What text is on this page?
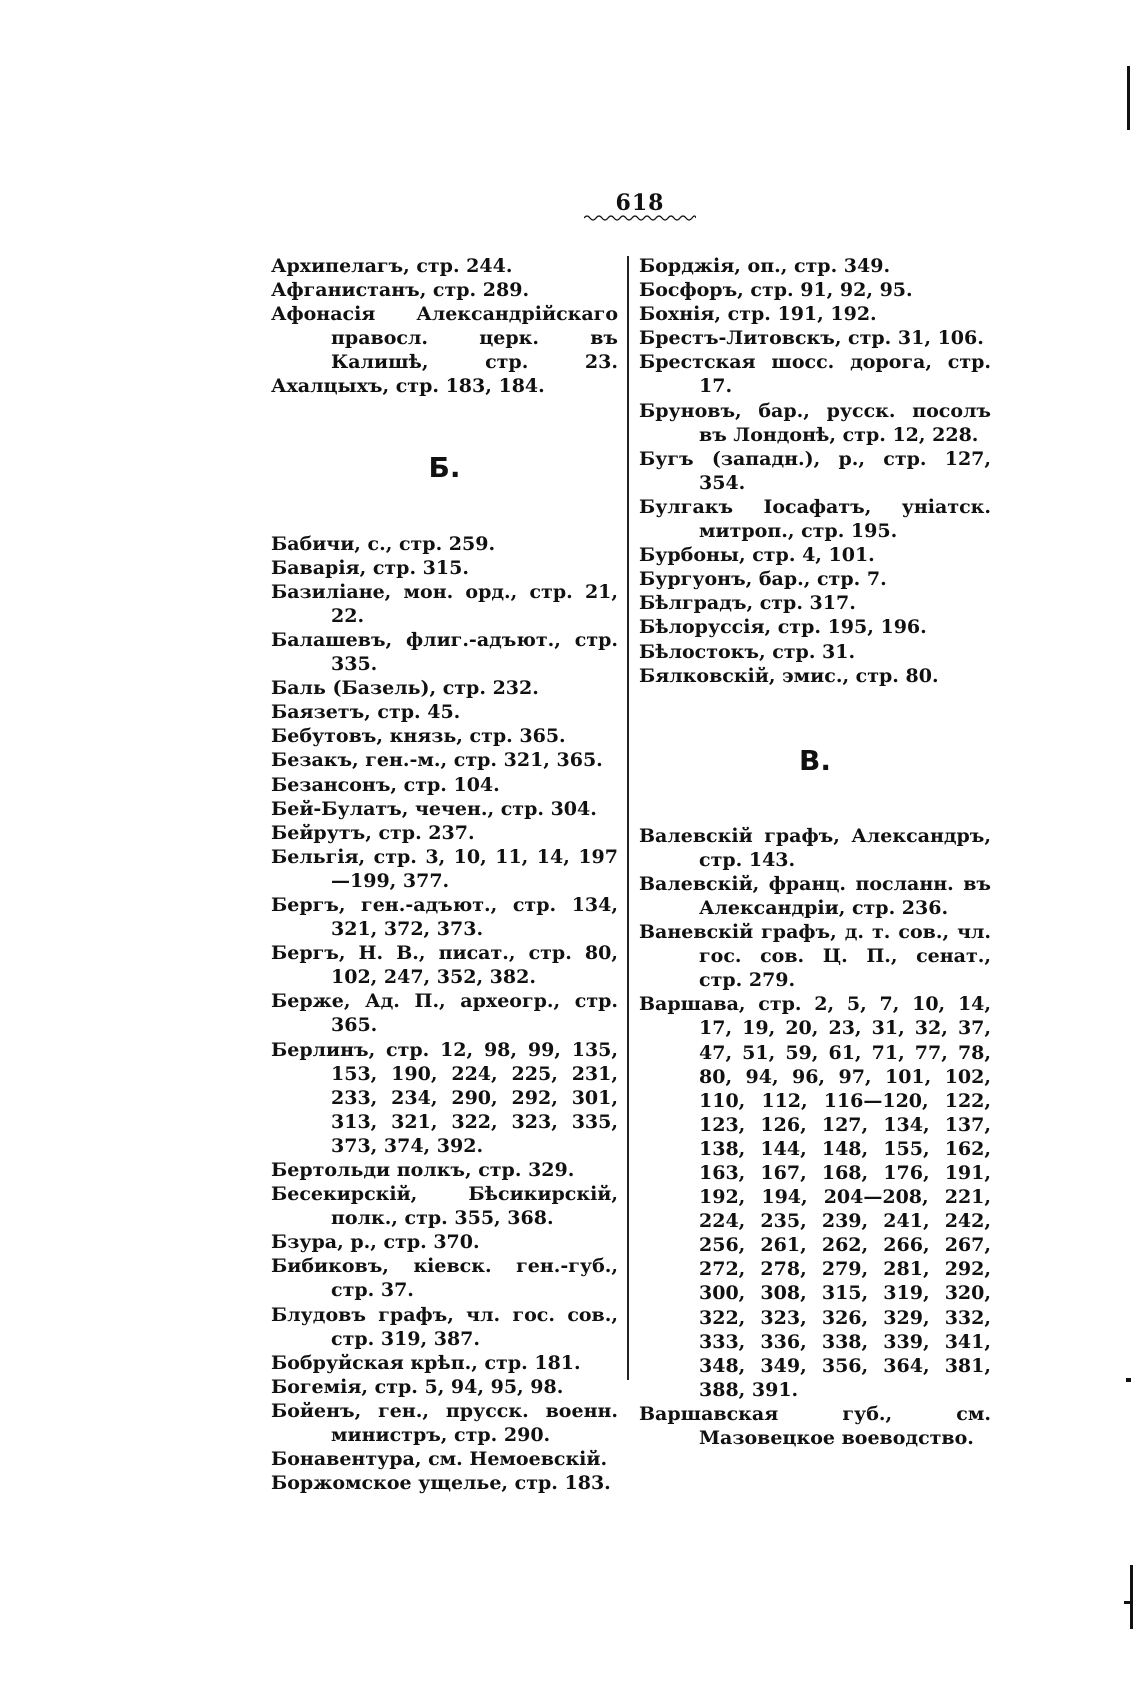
618

Архипелагъ, стр. 244.

Афганистанъ, стр. 289.

Афонасія Александрійскаго правосл. церк. въ Калишѣ, стр. 23.

Ахалцыхъ, стр. 183, 184.

Б.

Бабичи, с., стр. 259.

Баварія, стр. 315.

Базиліане, мон. орд., стр. 21, 22.

Балашевъ, флиг.-адъют., стр. 335.

Баль (Базель), стр. 232.

Баязетъ, стр. 45.

Бебутовъ, князь, стр. 365.

Безакъ, ген.-м., стр. 321, 365.

Безансонъ, стр. 104.

Бей-Булатъ, чечен., стр. 304.

Бейрутъ, стр. 237.

Бельгія, стр. 3, 10, 11, 14, 197—199, 377.

Бергъ, ген.-адъют., стр. 134, 321, 372, 373.

Бергъ, Н. В., писат., стр. 80, 102, 247, 352, 382.

Берже, Ад. П., археогр., стр. 365.

Берлинъ, стр. 12, 98, 99, 135, 153, 190, 224, 225, 231, 233, 234, 290, 292, 301, 313, 321, 322, 323, 335, 373, 374, 392.

Бертольди полкъ, стр. 329.

Бесекирскій, Бѣсикирскій, полк., стр. 355, 368.

Бзура, р., стр. 370.

Бибиковъ, кіевск. ген.-губ., стр. 37.

Блудовъ графъ, чл. гос. сов., стр. 319, 387.

Бобруйская крѣп., стр. 181.

Богемія, стр. 5, 94, 95, 98.

Бойенъ, ген., прусск. военн. министръ, стр. 290.

Бонавентура, см. Немоевскій.

Боржомское ущелье, стр. 183.

Борджія, оп., стр. 349.

Босфоръ, стр. 91, 92, 95.

Бохнія, стр. 191, 192.

Брестъ-Литовскъ, стр. 31, 106.

Брестская шосс. дорога, стр. 17.

Бруновъ, бар., русск. посолъ въ Лондонѣ, стр. 12, 228.

Бугъ (западн.), р., стр. 127, 354.

Булгакъ Іосафатъ, уніатск. митроп., стр. 195.

Бурбоны, стр. 4, 101.

Бургуонъ, бар., стр. 7.

Бѣлградъ, стр. 317.

Бѣлоруссія, стр. 195, 196.

Бѣлостокъ, стр. 31.

Бялковскій, эмис., стр. 80.

В.

Валевскій графъ, Александръ, стр. 143.

Валевскій, франц. посланн. въ Александріи, стр. 236.

Ваневскій графъ, д. т. сов., чл. гос. сов. Ц. П., сенат., стр. 279.

Варшава, стр. 2, 5, 7, 10, 14, 17, 19, 20, 23, 31, 32, 37, 47, 51, 59, 61, 71, 77, 78, 80, 94, 96, 97, 101, 102, 110, 112, 116—120, 122, 123, 126, 127, 134, 137, 138, 144, 148, 155, 162, 163, 167, 168, 176, 191, 192, 194, 204—208, 221, 224, 235, 239, 241, 242, 256, 261, 262, 266, 267, 272, 278, 279, 281, 292, 300, 308, 315, 319, 320, 322, 323, 326, 329, 332, 333, 336, 338, 339, 341, 348, 349, 356, 364, 381, 388, 391.

Варшавская губ., см. Мазовецкое воеводство.
